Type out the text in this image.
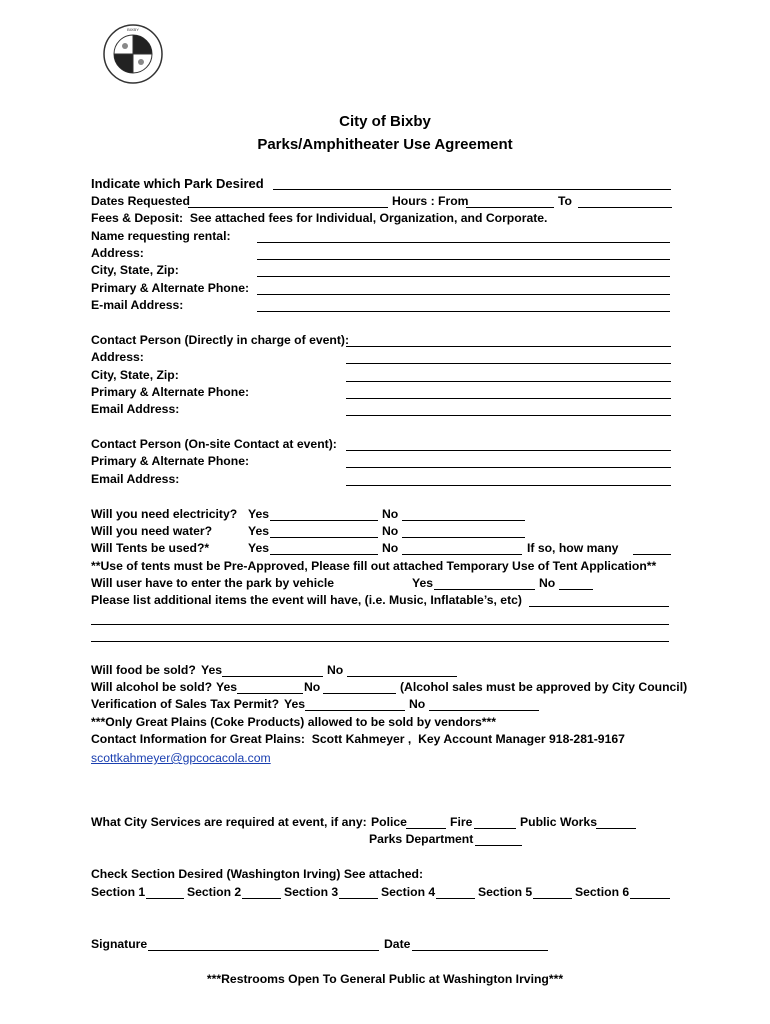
BIXBY
City of Bixby
Parks/Amphitheater Use Agreement
Indicate which Park Desired
Dates Requested	Hours : From	To
Fees & Deposit:  See attached fees for Individual, Organization, and Corporate.
Name requesting rental:
Address:
City, State, Zip:
Primary & Alternate Phone:
E-mail Address:
Contact Person (Directly in charge of event):
Address:
City, State, Zip:
Primary & Alternate Phone:
Email Address:
Contact Person (On-site Contact at event):
Primary & Alternate Phone:
Email Address:
Will you need electricity? Yes	No
Will you need water?	Yes	No
Will Tents be used?*	Yes	No	If so, how many
**Use of tents must be Pre-Approved, Please fill out attached Temporary Use of Tent Application**
Will user have to enter the park by vehicle	Yes	No
Please list additional items the event will have, (i.e. Music, Inflatable’s, etc)
Will food be sold? Yes	No
Will alcohol be sold? Yes	No	(Alcohol sales must be approved by City Council)
Verification of Sales Tax Permit? Yes	No
***Only Great Plains (Coke Products) allowed to be sold by vendors***
Contact Information for Great Plains:  Scott Kahmeyer ,  Key Account Manager 918-281-9167
scottkahmeyer@gpcocacola.com
What City Services are required at event, if any: Police	Fire	Public Works
Parks Department
Check Section Desired (Washington Irving) See attached:
Section 1	Section 2	Section 3	Section 4	Section 5	Section 6
Signature	Date
***Restrooms Open To General Public at Washington Irving***
